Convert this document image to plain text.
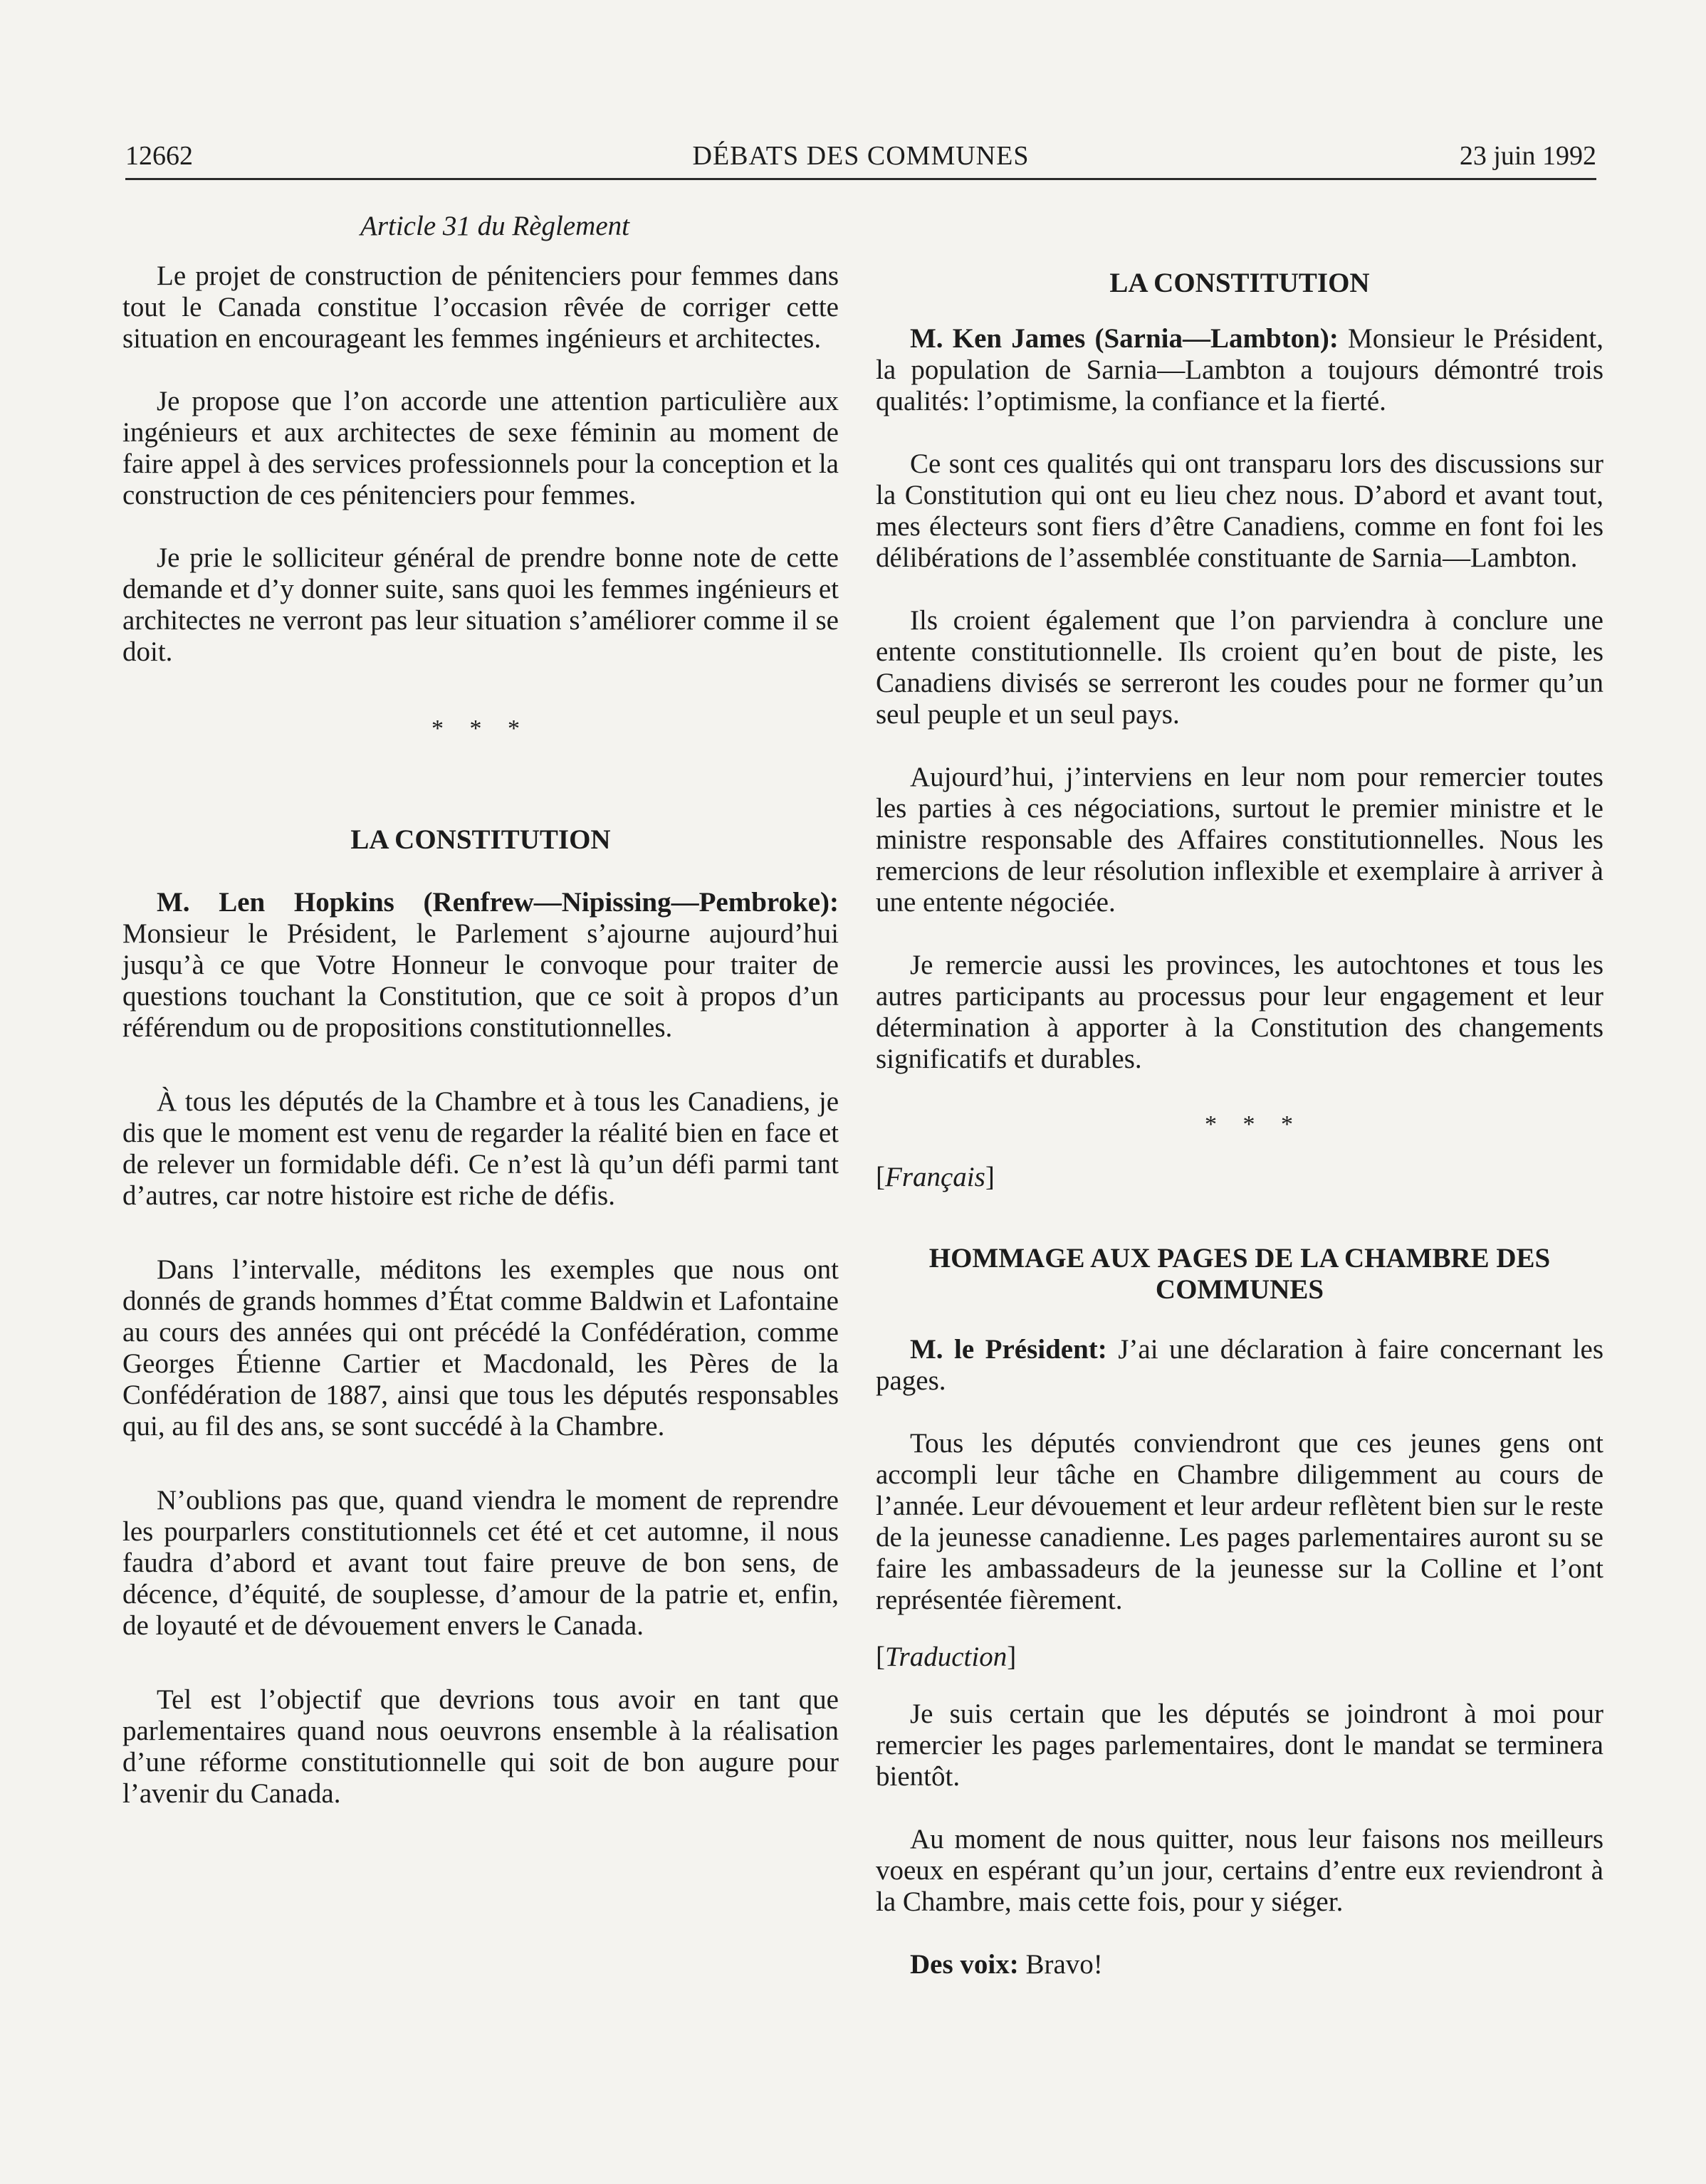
12662	DÉBATS DES COMMUNES	23 juin 1992

Article 31 du Règlement

Le projet de construction de pénitenciers pour femmes dans tout le Canada constitue l’occasion rêvée de corriger cette situation en encourageant les femmes ingénieurs et architectes.

Je propose que l’on accorde une attention particulière aux ingénieurs et aux architectes de sexe féminin au moment de faire appel à des services professionnels pour la conception et la construction de ces pénitenciers pour femmes.

Je prie le solliciteur général de prendre bonne note de cette demande et d’y donner suite, sans quoi les femmes ingénieurs et architectes ne verront pas leur situation s’améliorer comme il se doit.

* * *

LA CONSTITUTION

M. Len Hopkins (Renfrew—Nipissing—Pembroke): Monsieur le Président, le Parlement s’ajourne aujourd’hui jusqu’à ce que Votre Honneur le convoque pour traiter de questions touchant la Constitution, que ce soit à propos d’un référendum ou de propositions constitutionnelles.

À tous les députés de la Chambre et à tous les Canadiens, je dis que le moment est venu de regarder la réalité bien en face et de relever un formidable défi. Ce n’est là qu’un défi parmi tant d’autres, car notre histoire est riche de défis.

Dans l’intervalle, méditons les exemples que nous ont donnés de grands hommes d’État comme Baldwin et Lafontaine au cours des années qui ont précédé la Confédération, comme Georges Étienne Cartier et Macdonald, les Pères de la Confédération de 1887, ainsi que tous les députés responsables qui, au fil des ans, se sont succédé à la Chambre.

N’oublions pas que, quand viendra le moment de reprendre les pourparlers constitutionnels cet été et cet automne, il nous faudra d’abord et avant tout faire preuve de bon sens, de décence, d’équité, de souplesse, d’amour de la patrie et, enfin, de loyauté et de dévouement envers le Canada.

Tel est l’objectif que devrions tous avoir en tant que parlementaires quand nous oeuvrons ensemble à la réalisation d’une réforme constitutionnelle qui soit de bon augure pour l’avenir du Canada.

LA CONSTITUTION

M. Ken James (Sarnia—Lambton): Monsieur le Président, la population de Sarnia—Lambton a toujours démontré trois qualités: l’optimisme, la confiance et la fierté.

Ce sont ces qualités qui ont transparu lors des discussions sur la Constitution qui ont eu lieu chez nous. D’abord et avant tout, mes électeurs sont fiers d’être Canadiens, comme en font foi les délibérations de l’assemblée constituante de Sarnia—Lambton.

Ils croient également que l’on parviendra à conclure une entente constitutionnelle. Ils croient qu’en bout de piste, les Canadiens divisés se serreront les coudes pour ne former qu’un seul peuple et un seul pays.

Aujourd’hui, j’interviens en leur nom pour remercier toutes les parties à ces négociations, surtout le premier ministre et le ministre responsable des Affaires constitutionnelles. Nous les remercions de leur résolution inflexible et exemplaire à arriver à une entente négociée.

Je remercie aussi les provinces, les autochtones et tous les autres participants au processus pour leur engagement et leur détermination à apporter à la Constitution des changements significatifs et durables.

* * *

[Français]

HOMMAGE AUX PAGES DE LA CHAMBRE DES COMMUNES

M. le Président: J’ai une déclaration à faire concernant les pages.

Tous les députés conviendront que ces jeunes gens ont accompli leur tâche en Chambre diligemment au cours de l’année. Leur dévouement et leur ardeur reflètent bien sur le reste de la jeunesse canadienne. Les pages parlementaires auront su se faire les ambassadeurs de la jeunesse sur la Colline et l’ont représentée fièrement.

[Traduction]

Je suis certain que les députés se joindront à moi pour remercier les pages parlementaires, dont le mandat se terminera bientôt.

Au moment de nous quitter, nous leur faisons nos meilleurs voeux en espérant qu’un jour, certains d’entre eux reviendront à la Chambre, mais cette fois, pour y siéger.

Des voix: Bravo!
